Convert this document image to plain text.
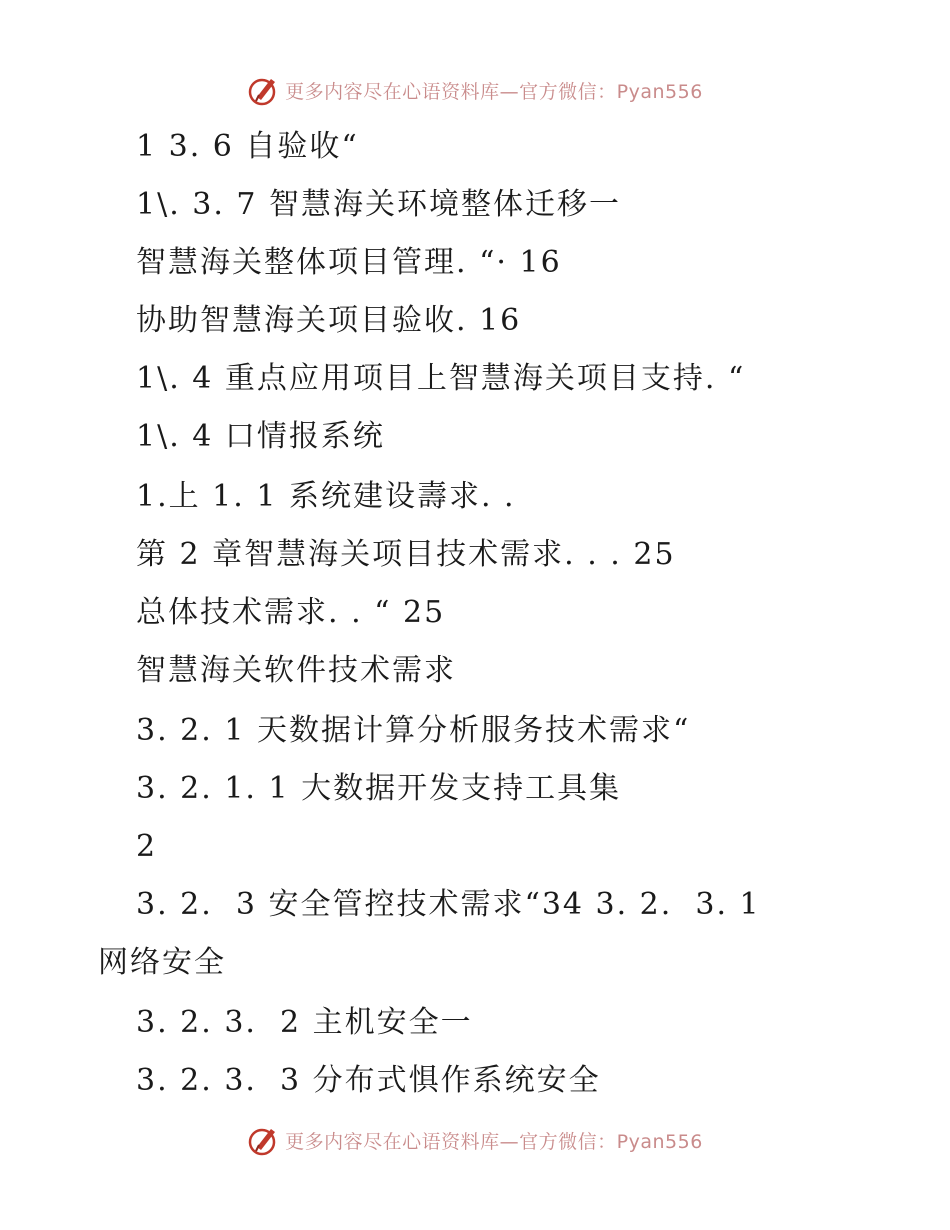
更多内容尽在心语资料库—官方微信：Pyan556
1 3. 6 自验收“
1\. 3. 7 智慧海关环境整体迁移一
智慧海关整体项目管理. “· 16
协助智慧海关项目验收. 16
1\. 4 重点应用项目上智慧海关项目支持. “
1\. 4 口情报系统
1.上 1. 1 系统建设壽求. .
第 2 章智慧海关项目技术需求. . . 25
总体技术需求. . “ 25
智慧海关软件技术需求
3. 2. 1 天数据计算分析服务技术需求“
3. 2. 1. 1 大数据开发支持工具集
2
3. 2.  3 安全管控技术需求“34 3. 2.  3. 1
网络安全
3. 2. 3.  2 主机安全一
3. 2. 3.  3 分布式惧作系统安全
更多内容尽在心语资料库—官方微信：Pyan556
